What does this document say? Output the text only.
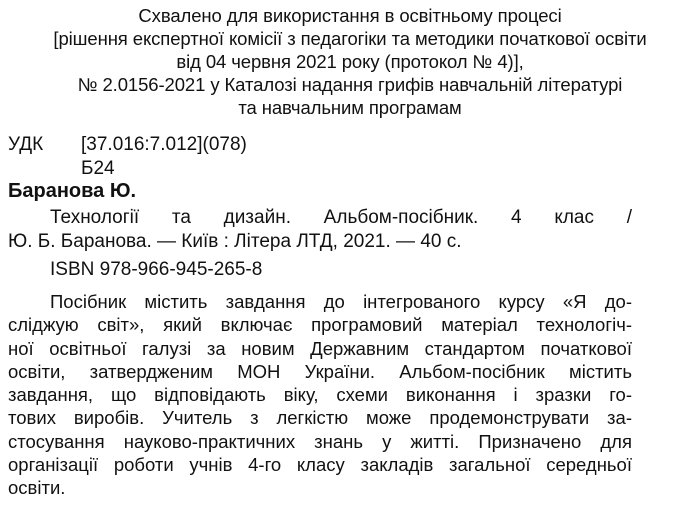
Схвалено для використання в освітньому процесі
[рішення експертної комісії з педагогіки та методики початкової освіти
від 04 червня 2021 року (протокол № 4)],
№ 2.0156-2021 у Каталозі надання грифів навчальній літературі
та навчальним програмам
УДК [37.016:7.012](078)
Б24
Баранова Ю.
Технології та дизайн. Альбом-посібник. 4 клас /
Ю. Б. Баранова. — Київ : Літера ЛТД, 2021. — 40 с.
ISBN 978-966-945-265-8
Посібник містить завдання до інтегрованого курсу «Я до-
сліджую світ», який включає програмовий матеріал технологіч-
ної освітньої галузі за новим Державним стандартом початкової
освіти, затвердженим МОН України. Альбом-посібник містить
завдання, що відповідають віку, схеми виконання і зразки го-
тових виробів. Учитель з легкістю може продемонструвати за-
стосування науково-практичних знань у житті. Призначено для
організації роботи учнів 4-го класу закладів загальної середньої
освіти.
